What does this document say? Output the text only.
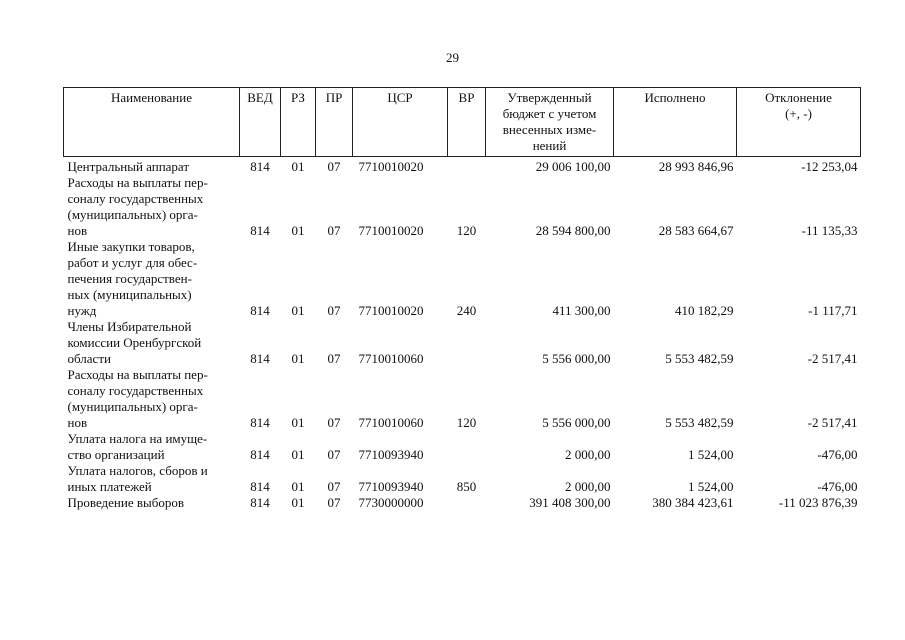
29
Наименование	ВЕД	РЗ	ПР	ЦСР	ВР	Утвержденный
бюджет с учетом
внесенных изме-
нений	Исполнено	Отклонение
(+, -)

Центральный аппарат	814	01	07	7710010020		29 006 100,00	28 993 846,96	-12 253,04

Расходы на выплаты пер-
соналу государственных
(муниципальных) орга-
нов	814	01	07	7710010020	120	28 594 800,00	28 583 664,67	-11 135,33

Иные закупки товаров,
работ и услуг для обес-
печения государствен-
ных (муниципальных)
нужд	814	01	07	7710010020	240	411 300,00	410 182,29	-1 117,71

Члены Избирательной
комиссии Оренбургской
области	814	01	07	7710010060		5 556 000,00	5 553 482,59	-2 517,41

Расходы на выплаты пер-
соналу государственных
(муниципальных) орга-
нов	814	01	07	7710010060	120	5 556 000,00	5 553 482,59	-2 517,41

Уплата налога на имуще-
ство организаций	814	01	07	7710093940		2 000,00	1 524,00	-476,00

Уплата налогов, сборов и
иных платежей	814	01	07	7710093940	850	2 000,00	1 524,00	-476,00

Проведение выборов	814	01	07	7730000000		391 408 300,00	380 384 423,61	-11 023 876,39
